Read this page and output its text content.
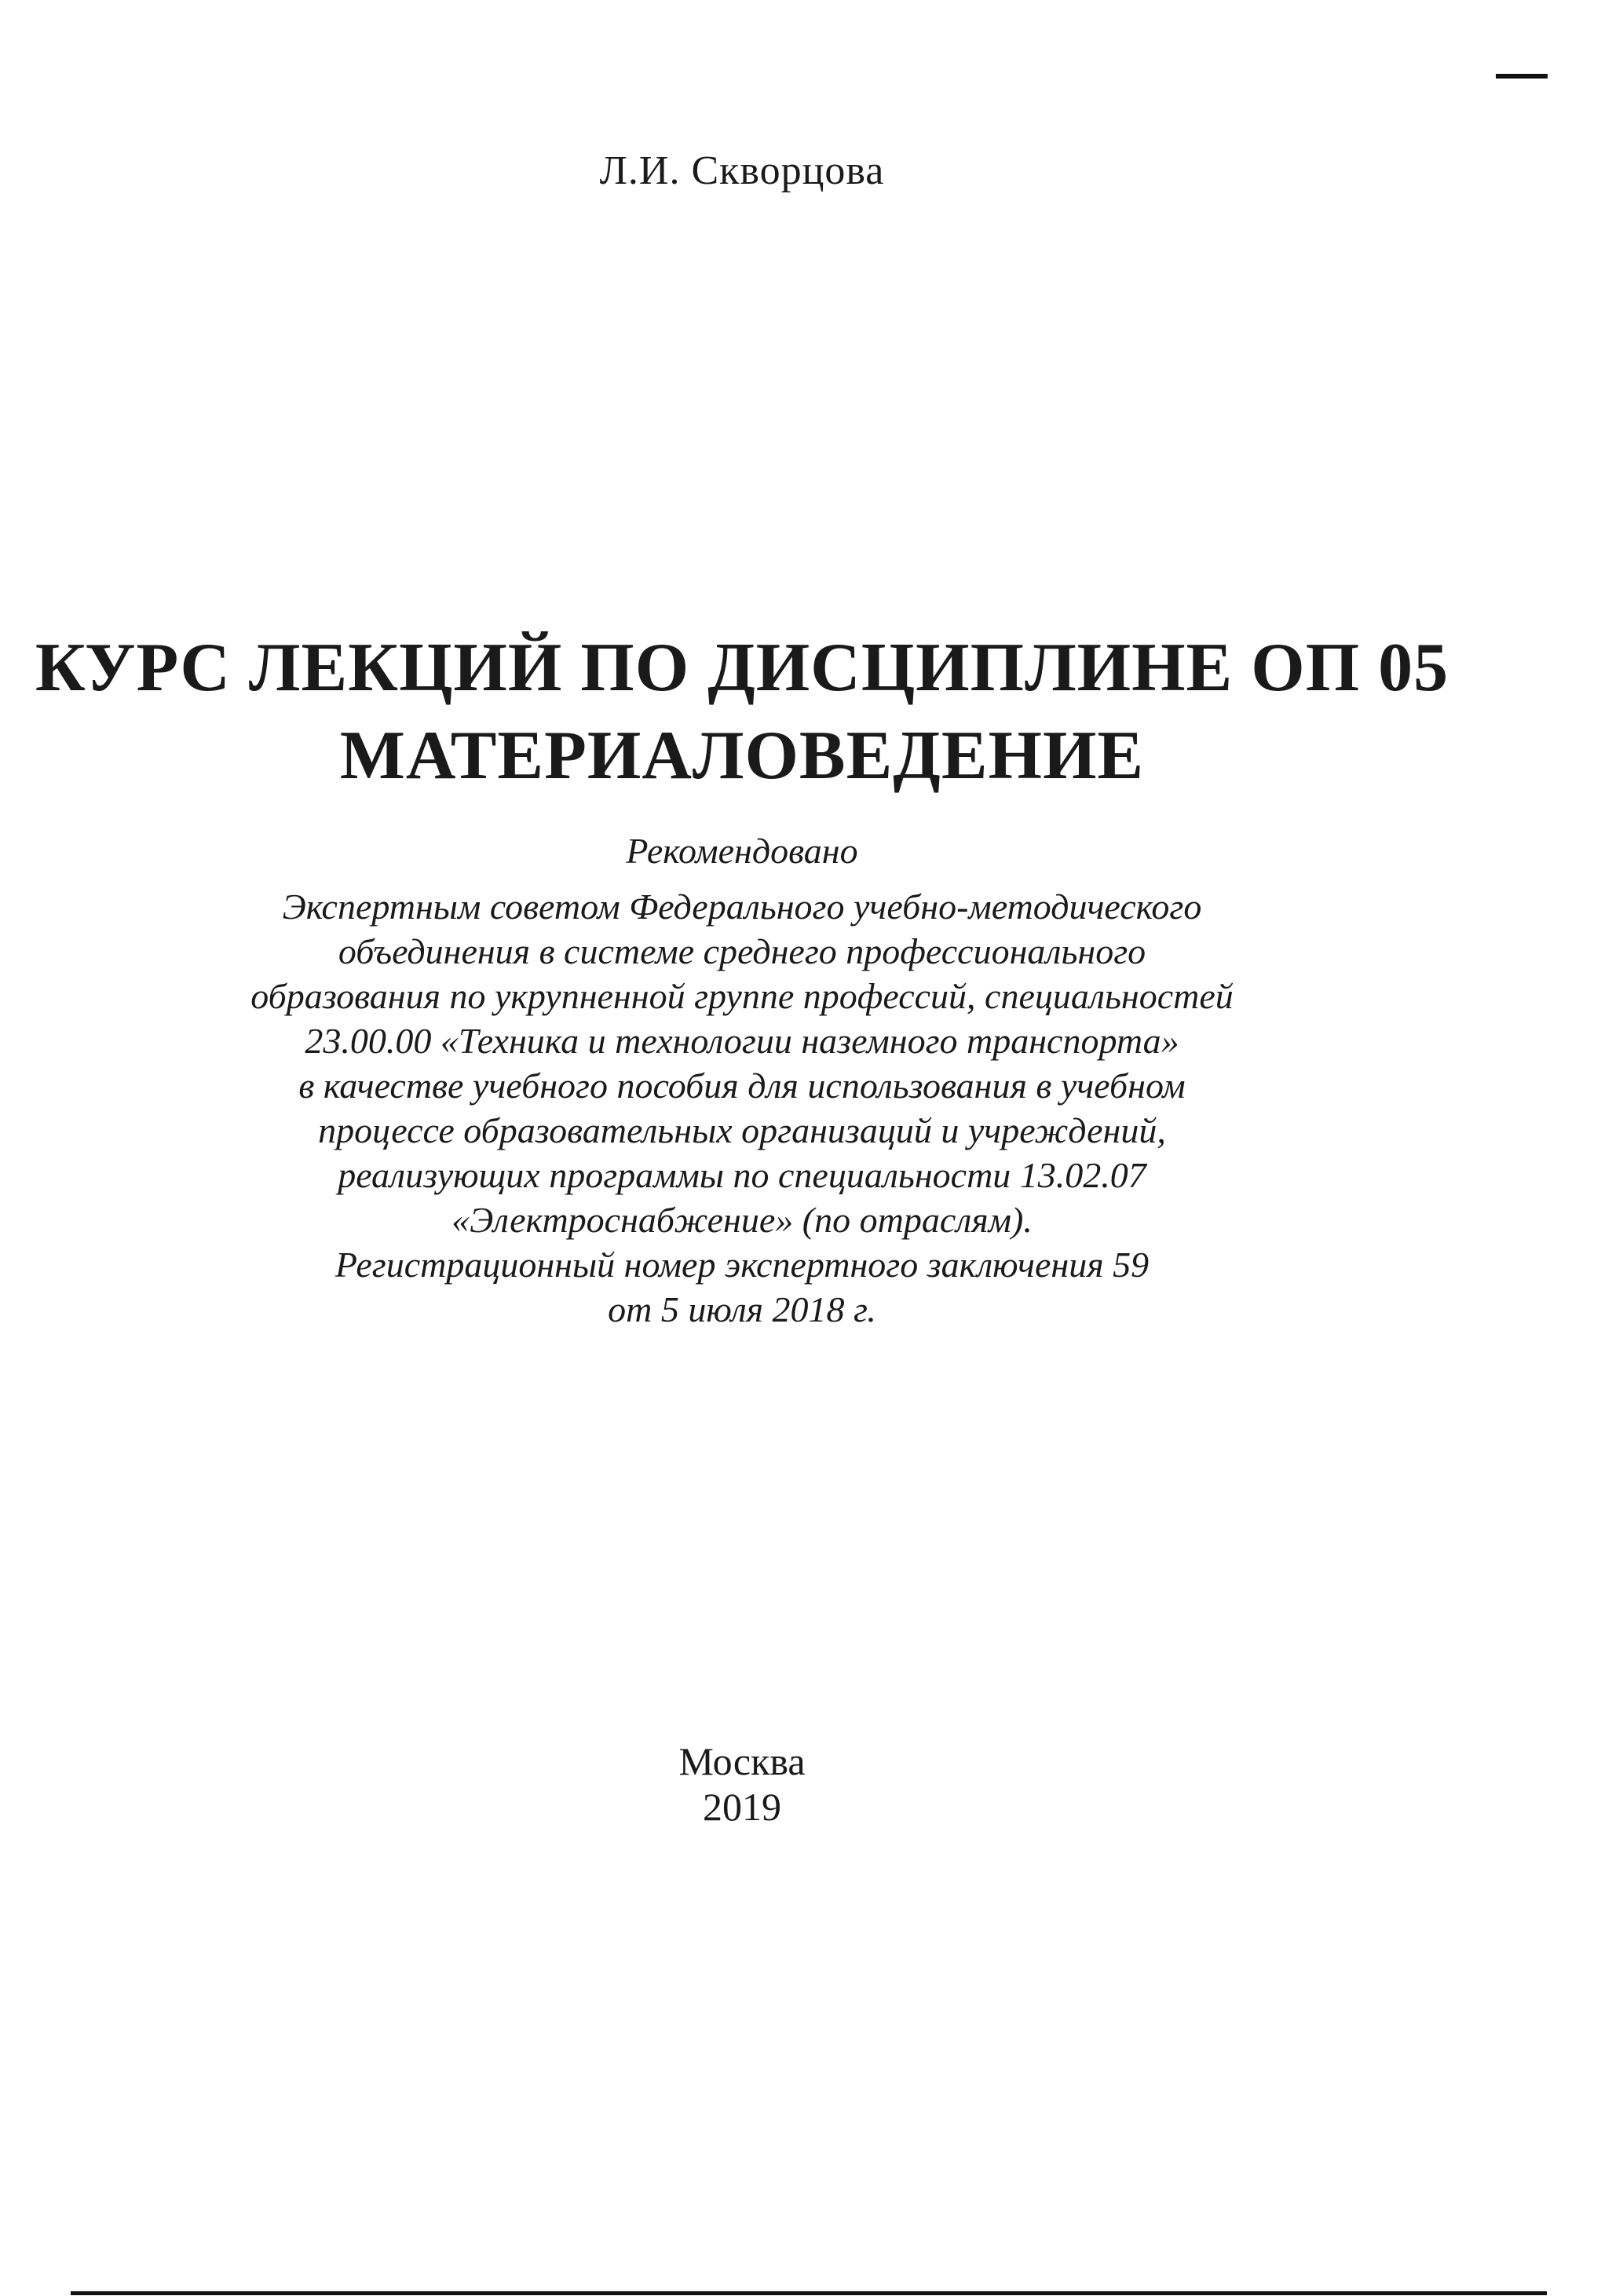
Л.И. Скворцова
КУРС ЛЕКЦИЙ ПО ДИСЦИПЛИНЕ ОП 05
МАТЕРИАЛОВЕДЕНИЕ
Рекомендовано
Экспертным советом Федерального учебно-методического
объединения в системе среднего профессионального
образования по укрупненной группе профессий, специальностей
23.00.00 «Техника и технологии наземного транспорта»
в качестве учебного пособия для использования в учебном
процессе образовательных организаций и учреждений,
реализующих программы по специальности 13.02.07
«Электроснабжение» (по отраслям).
Регистрационный номер экспертного заключения 59
от 5 июля 2018 г.
Москва
2019
